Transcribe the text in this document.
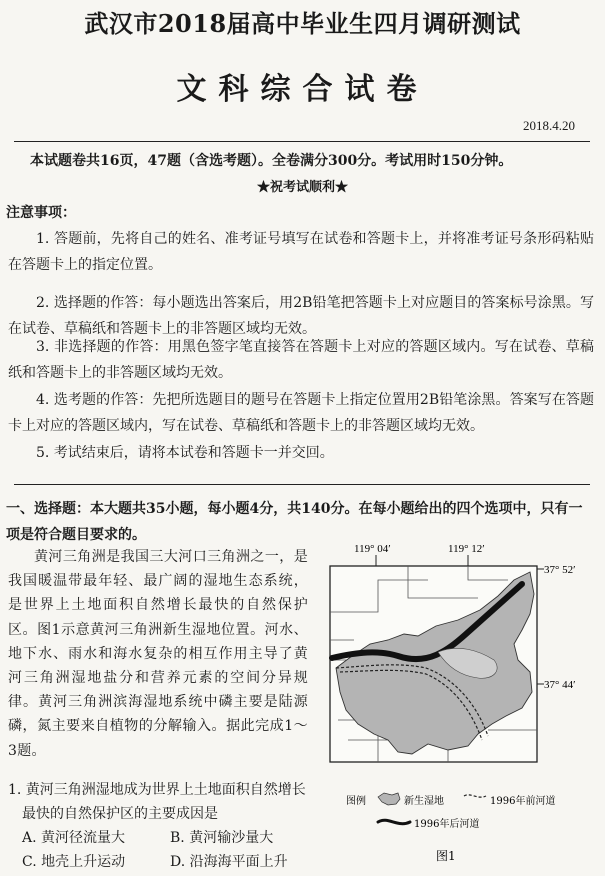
武汉市2018届高中毕业生四月调研测试
文科综合试卷
2018.4.20
本试题卷共16页，47题（含选考题）。全卷满分300分。考试用时150分钟。
★祝考试顺利★
注意事项：
1. 答题前，先将自己的姓名、准考证号填写在试卷和答题卡上，并将准考证号条形码粘贴在答题卡上的指定位置。
2. 选择题的作答：每小题选出答案后，用2B铅笔把答题卡上对应题目的答案标号涂黑。写在试卷、草稿纸和答题卡上的非答题区域均无效。
3. 非选择题的作答：用黑色签字笔直接答在答题卡上对应的答题区域内。写在试卷、草稿纸和答题卡上的非答题区域均无效。
4. 选考题的作答：先把所选题目的题号在答题卡上指定位置用2B铅笔涂黑。答案写在答题卡上对应的答题区域内，写在试卷、草稿纸和答题卡上的非答题区域均无效。
5. 考试结束后，请将本试卷和答题卡一并交回。
一、选择题：本大题共35小题，每小题4分，共140分。在每小题给出的四个选项中，只有一项是符合题目要求的。
黄河三角洲是我国三大河口三角洲之一，是我国暖温带最年轻、最广阔的湿地生态系统，是世界上土地面积自然增长最快的自然保护区。图1示意黄河三角洲新生湿地位置。河水、地下水、雨水和海水复杂的相互作用主导了黄河三角洲湿地盐分和营养元素的空间分异规律。黄河三角洲滨海湿地系统中磷主要是陆源磷，氮主要来自植物的分解输入。据此完成1～3题。
1. 黄河三角洲湿地成为世界上土地面积自然增长最快的自然保护区的主要成因是
A. 黄河径流量大	B. 黄河输沙量大
C. 地壳上升运动	D. 沿海海平面上升
119° 04′	119° 12′
37° 52′
37° 44′
图例	新生湿地	1996年前河道
1996年后河道
图1
